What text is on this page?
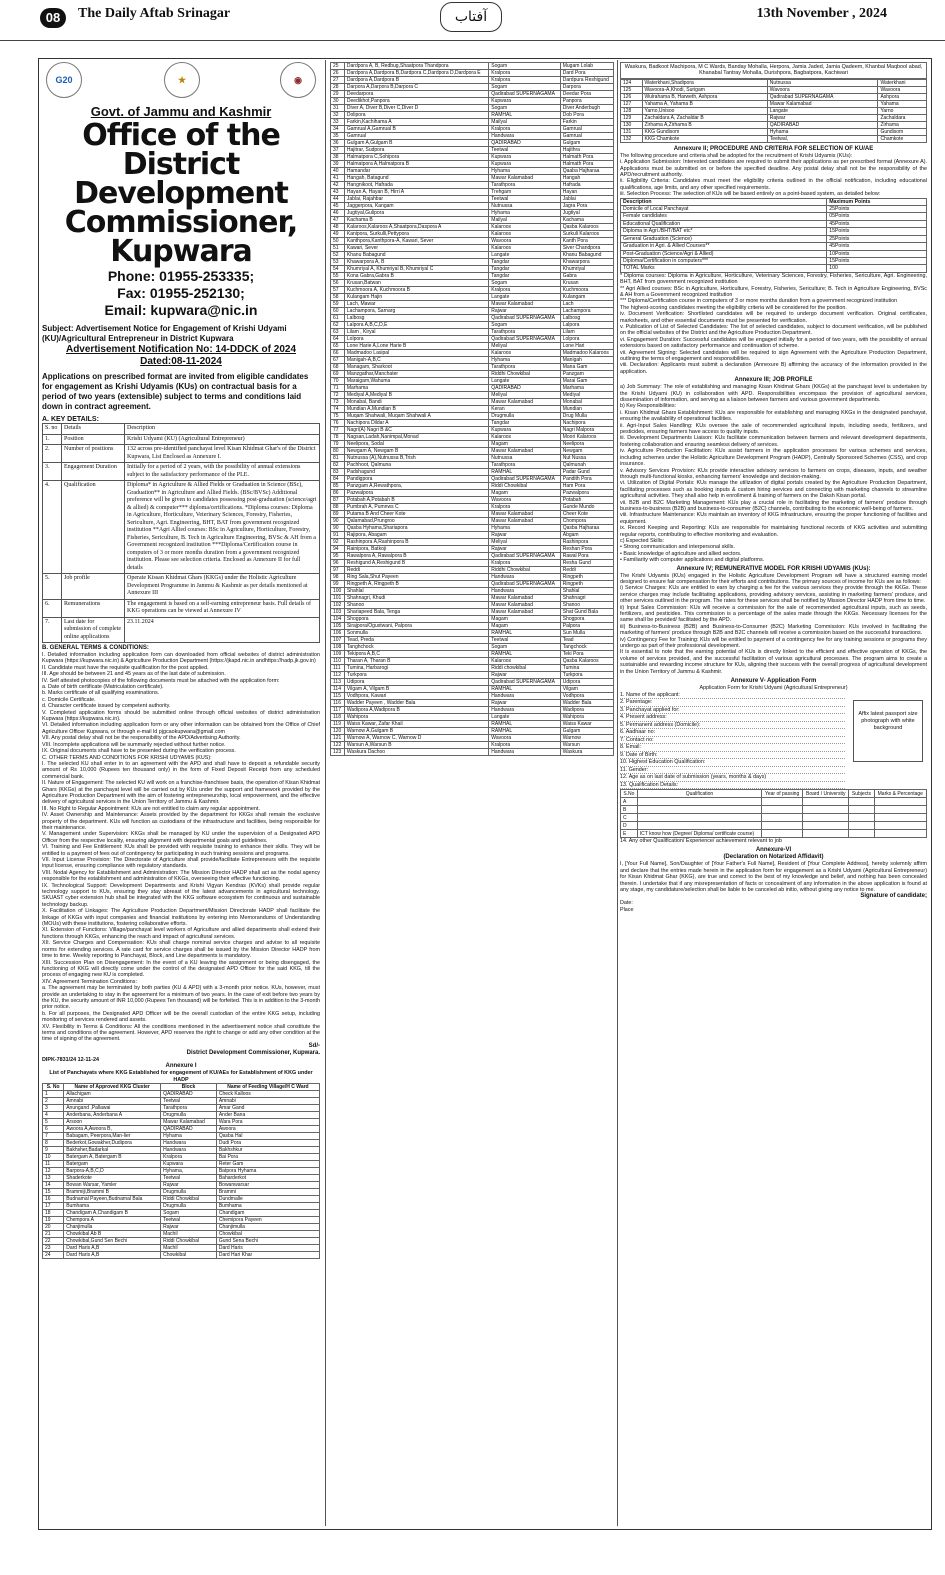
08	The Daily Aftab Srinagar	آفتاب	13th November , 2024
G20	★	◉
Govt. of Jammu and Kashmir
Office of the District Development Commissioner, Kupwara
Phone: 01955-253335;
Fax: 01955-252130;
Email: kupwara@nic.in
Subject: Advertisement Notice for Engagement of Krishi Udyami (KU)/Agricultural Entrepreneur in District Kupwara
Advertisement Notification No: 14-DDCK of 2024
Dated:08-11-2024
Applications on prescribed format are invited from eligible candidates for engagement as Krishi Udyamis (KUs) on contractual basis for a period of two years (extensible) subject to terms and conditions laid down in contract agreement.
A. KEY DETAILS:
S. no	Details	Description
1.	Position	Krishi Udyami (KU) (Agricultural Entrepreneur)
2.	Number of positions	132 across pre-identified panchayat level Kisan Khidmat Ghar's of the District Kupwara, List Enclosed as Annexure I.
3.	Engagement Duration	Initially for a period of 2 years, with the possibility of annual extensions subject to the satisfactory performance of the PLE.
4.	Qualification	Diploma* in Agriculture & Allied Fields or Graduation in Science (BSc), Graduation** in Agriculture and Allied Fields. (BSc/BVSc) Additional preference will be given to candidates possessing post-graduation (science/agri & allied) & computer*** diploma/certifications. *Diploma courses: Diploma in Agriculture, Horticulture, Veterinary Sciences, Forestry, Fisheries, Sericulture, Agri. Engineering, BHT, BAT from government recognized institution **Agri Allied courses: BSc in Agriculture, Horticulture, Forestry, Fisheries, Sericulture, B. Tech in Agriculture Engineering, BVSc & AH from a Government recognized institution ***Diploma/Certification course in computers of 3 or more months duration from a government recognized institution. Please see selection criteria. Enclosed as Annexure II for full details
5.	Job profile	Operate Kissan Khidmat Ghars (KKGs) under the Holistic Agriculture Development Programme in Jammu & Kashmir as per details mentioned at Annexure III
6.	Remunerations	The engagement is based on a self-earning entrepreneur basis. Full details of KKG operations can be viewed at Annexure IV
7.	Last date for submission of complete online applications	23.11.2024
B. GENERAL TERMS & CONDITIONS:
I. Detailed information including application form can downloaded from official websites of district administration Kupwara (https://kupwara.nic.in) & Agriculture Production Department (https://jkapd.nic.in andhttps://hadp.jk.gov.in)
II. Candidate must have the requisite qualification for the post applied.
III. Age should be between 21 and 45 years as of the last date of submission.
IV. Self attested photocopies of the following documents must be attached with the application form:
a. Date of birth certificate (Matriculation certificate).
b. Marks certificate of all qualifying examinations.
c. Domicile Certificate.
d. Character certificate issued by competent authority.
V. Completed application forms should be submitted online through official websites of district administration Kupwara (https://kupwara.nic.in).
VI. Detailed information including application form or any other information can be obtained from the Office of Chief Agriculture Officer Kupwara, or through e-mail ld pjgcaokupwara@gmail.com
VII. Any postal delay shall not be the responsibility of the APD/Advertising Authority.
VIII. Incomplete applications will be summarily rejected without further notice.
IX. Original documents shall have to be presented during the verification process.
C. OTHER TERMS AND CONDITIONS FOR KRISHI UDYAMIS (KUS):
I. The selected KU shall enter in to an agreement with the APD and shall have to deposit a refundable security amount of Rs 10,000 (Rupees ten thousand only) in the form of Fixed Deposit Receipt from any scheduled commercial bank.
II. Nature of Engagement: The selected KU will work on a franchise-franchisee basis, the operation of Kisan Khidmat Ghars (KKGs) at the panchayat level will be carried out by KUs under the support and framework provided by the Agriculture Production Department with the aim of fostering entrepreneurship, local empowerment, and the effective delivery of agricultural services in the Union Territory of Jammu & Kashmir.
III. No Right to Regular Appointment: KUs are not entitled to claim any regular appointment.
IV. Asset Ownership and Maintenance: Assets provided by the department for KKGs shall remain the exclusive property of the department. KUs will function as custodians of the infrastructure and facilities, being responsible for their maintenance.
V. Management under Supervision: KKGs shall be managed by KU under the supervision of a Designated APD Officer from the respective locality, ensuring alignment with departmental goals and guidelines.
VI. Training and Fee Entitlement: KUs shall be provided with requisite training to enhance their skills. They will be entitled to a payment of fees out of contingency for participating in such training sessions and programs.
VII. Input License Provision: The Directorate of Agriculture shall provide/facilitate Entrepreneurs with the requisite input license, ensuring compliance with regulatory standards.
VIII. Nodal Agency for Establishment and Administration: The Mission Director HADP shall act as the nodal agency responsible for the establishment and administration of KKGs, overseeing their effective functioning.
IX. Technological Support: Development Departments and Krishi Vigyan Kendras (KVKs) shall provide regular technology support to KUs, ensuring they stay abreast of the latest advancements in agricultural technology. SKUAST cyber extension hub shall be integrated with the KKG software ecosystem for continuous and sustainable technology backup.
X. Facilitation of Linkages: The Agriculture Production Department/Mission Directorate HADP shall facilitate the linkage of KKGs with input companies and financial institutions by entering into Memorandums of Understanding (MOUs) with these institutions, fostering collaborative efforts.
XI. Extension of Functions: Village/panchayat level workers of Agriculture and allied departments shall extend their functions through KKGs, enhancing the reach and impact of agricultural services.
XII. Service Charges and Compensation: KUs shall charge nominal service charges and advise to all requisite norms for extending services. A rate card for service charges shall be issued by the Mission Director HADP from time to time. Weekly reporting to Panchayat, Block, and Line departments is mandatory.
XIII. Succession Plan on Disengagement: In the event of a KU leaving the assignment or being disengaged, the functioning of KKG will directly come under the control of the designated APD Officer for the said KKG, till the process of engaging new KU is completed.
XIV. Agreement Termination Conditions:
a. The agreement may be terminated by both parties (KU & APD) with a 3-month prior notice. KUs, however, must provide an undertaking to stay in the agreement for a minimum of two years. In the case of exit before two years by the KU, the security amount of INR 10,000 (Rupees Ten thousand) will be forfeited. This is in addition to the 3-month prior notice.
b. For all purposes, the Designated APD Officer will be the overall custodian of the entire KKG setup, including monitoring of services rendered and assets.
XV. Flexibility in Terms & Conditions: All the conditions mentioned in the advertisement notice shall constitute the terms and conditions of the agreement. However, APD reserves the right to change or add any other condition at the time of signing of the agreement.
Sd/-
District Development Commissioner, Kupwara.
DIPK-7831/24 12-11-24
Annexure I
List of Panchayats where KKG Established for engagement of KU/AEs for Establishment of KKG under HADP
S. No	Name of Approved KKG Cluster	Block	Name of Feeding Village/H C Ward
1	Allachigam	QADIRABAD	Check Kalloos
2	Amnabi	Teetwal	Amnabi
3	Anungand ,Pallawai	Tarathpora	Amar Gand
4	Anderbana, Anderbana A	Drugmulla	Ander Bana
5	Arsoon	Mawar Kalamabad	Wara Pora
6	Awoora A,Awoora B,	QADIRABAD	Awoora
7	Babagam, Peerpora,Man-lier	Hyhama	Qasba Hal
8	Bederkot,Gowakher,Dudipora	Handwara	Dudi Pora
9	Bakhsher,Badarkal	Handwara	Bakhshkur
10	Batergam A, Batergam B	Kralpora	Bai Pora
11	Batergam	Kupwara	Reter Gam
12	Barpora-A,B,C,D	Hyhama,	Batpora Hyhama
13	Shaderkote	Teetwal	Baharderkot
14	Bowan Warsar, Yamler	Rajwar	Bowanwarsar
15	Brammiji,Brammi B	Drugmulla	Brammi
16	Budnamal Payeen,Budnamal Bala	Riddi Chowkibal	Dundmalle
17	Bumhama	Drugmulla	Bumhama
18	Chandigam A,Chandigam B	Sogam	Chandigam
19	Chempora A	Teetwal	Chemipora Payeen
20	Chanjimulla	Rajwar	Chanjimulla
21	Chowkibal Ab B	Machil	Chowkibal
22	Chowkibal,Gund Sen Bechi	Riddi Chowkibal	Gund Sena Bechi
23	Dard Haris A,B	Machil	Dard Haris
24	Dard Haris A,B	Chowkibal	Dard Hari Khar
25	Dardpora A, B, Redbug,Shaatpora Thandpora	Sogam	Mugam Lolab
26	Dardpora A,Dardpora B,Dardpora C,Dardpora D,Dardpora E	Kralpora	Dard Pora
27	Dardpora A,Dardpora B	Kralpora	Dardpura Reshigund
28	Darpora A,Darpora B,Darpora C	Sogam	Darpora
29	Deedarpora	Qadirabad SUPERNAGAMA	Deedar Pora
30	Deedikhot,Panpora	Kupwara	Panpora
31	Diver A, Diver B,Diver C,Diver D	Sogam	Diver Anderbugh
32	Dolipora	RAMHAL	Dob Pora
33	Farkin,Kachihama A	Mailyal	Farkin
34	Gamrual A,Gamrual B	Kralpora	Gamrual
35	Gamrual	Handwara	Gamrual
36	Gulgam A,Gulgam B	QADIRABAD	Gulgam
37	Hajitrar, Sudpora	Teetwal	Hajithra
38	Halmatpora C,Sohipora	Kupwara	Halmath Pora
39	Halmatpora A,Halmatpora B	Kupwara	Halmath Pora
40	Hamandar	Hyhama	Qaaba Hajharaa
41	Hangah, Batagund	Mawar Kalamabad	Hangah
42	Hangnikoot, Hafrada	Tarathpora	Hafrada
43	Hayan A, Hayan B, Hirri A	Trehgam	Hayan
44	Jablai, Rajahbar	Teetwal	Jablai
45	Jaggerpora, Kangam	Nutnussa	Jagra Pora
46	Jugtiyal,Gulipora	Hyhama	Jugtiyal
47	Kachama B	Mailyal	Kachama
48	Kalaroos,Kalaroos A,Shaatpora,Daspora A	Kalaroos	Qasba Kalaroos
49	Kanipora, Surkulli,Pettypora	Kalaroos	Surkuli Kalaroos
50	Kanthpora,Kanthpora-A, Kawari, Sever	Wavoora	Kanth Pora
51	Kawari, Sever	Kalaroos	Siver Chandpora
52	Khanu Babagund	Langate	Khanu Babagund
53	Khawarpora A, B	Tangdar	Khawarpora
54	Khumriyal A, Khumriyal B, Khumriyal C	Tangdar	Khumriyal
55	Kona Gabra,Gabra B	Tangdar	Gabra
56	Krusan,Batwan	Sogam	Krusan
57	Kuchmoora A, Kuchmoora B	Kralpora	Kuchmoora
58	Kulangam Hajin	Langate	Kulangam
59	Lach, Mawar	Mawar Kalamabad	Lach
60	Lachampora, Sarnarg	Rajwar	Lachampora
61	Lalbosg	Qadirabad SUPERNAGAMA	Lalbosg
62	Lalpora A,B,C,D,E	Sogam	Lalpora
63	Lilam , Kiryal	Tarathpora	Lilam
64	Lolpora	Qadirabad SUPERNAGAMA	Lolpora
65	Lone Harie A,Lone Harie B	Meliyal	Lone Hari
66	Madmadoo Lasipal	Kalaroos	Madmadoo Kalaroos
67	Manigah-A,B,C	Hyhama	Manigah
68	Managam, Sharkoot	Tarathpora	Mana Gam
69	Manzgathar,Manchater	Riddhi Chowkibal	Panzgam
70	Maraigam,Wahuma	Langate	Marai Gam
71	Marhama	QADIRABAD	Marhama
72	Mediyal A,Mediyal B	Meliyal	Mediyal
73	Monabal, Bandi	Mawar Kalamabad	Monabal
74	Mundian A,Mundian B	Keran	Mundian
75	Muqam Shahwali, Muqam Shahwali A	Drugmulla	Drug Mulla
76	Nachipora Dildar A	Tangdar	Nachipora
77	Nagri(A) Nagri B &C	Kupwara	Nagri Malpora
78	Nagsan,Ladah,Nanimpal,Monad	Kalaroos	Moori Kalaroos
79	Neelipora, Sodal	Magam	Neelipora
80	Newgam A, Newgam B	Mawar Kalamabad	Newgam
81	Nutnussa (A),Nutnussa B,Trish	Nutnussa	Nut Nussa
82	Pachhoot, Qalmuna	Tarathpora	Qalmunah
83	Padshagund	RAMHAL	Padar Gund
84	Pandigpora	Qadirabad SUPERNAGAMA	Pandith Pora
85	Panzgam A,Rewathpora,	Riddi Chowkibal	Ham Pora
86	Pazwalpora	Magam	Pazwalpora
87	Potabah A,Potabah B	Wavoora	Potabah
88	Pumbrah A, Pumnws C	Kralpora	Gunde Mundo
89	Putama B And Cheer Kote	Mawar Kalamabad	Cheer Kote
90	Qalamabad,Prungroo	Mawar Kalamabad	Chompora
90	Qasba Hyhama,Shariapora	Hyhama	Qasba Hajharaa
91	Rajipora, Abagam	Rajwar	Abgam
92	Rashinpora A,Rashinpora B	Meliyal	Rashinpora
94	Rainipora, Batkoji	Rajwar	Reshan Pora
95	Rawalpora A, Rawalpora B	Qadirabad SUPERNAGAMA	Rawal Pora
96	Reshigund A,Reshigund B	Kralpora	Resha Gund
97	Reddi	Riddhi Chowkibal	Reddi
98	Ring Sala,Shut Payeen	Handwara	Ringpeth
99	Ringpeth A, Ringpeth B	Qadirabad SUPERNAGAMA	Ringpeth
100	Shahlal	Handwara	Shahlal
101	Shahnagri, Khudi	Mawar Kalamabad	Shahnagri
102	Shanoo	Mawar Kalamabad	Shanoo
103	Shariapeed Bala, Tenga	Mawar Kalamabad	Shat Gund Bala
104	Shogpora	Magam	Shogpora
105	Sirajpora/Ogustwani, Palpora	Magam	Palpora
106	Sonmulla	RAMHAL	Sun Mulla
107	Tead, Preda	Teetwal	Tead
108	Tanghchock	Sogam	Tangchock
109	Tekipora A,B,C	RAMHAL	Teki Pora
110	Tharan A, Tharan B	Kalaroos	Qasba Kalaroos
111	Tumina, Harbarogi	Riddi chowkibal	Tumina
112	Turkpora	Rajwar	Turkpora
113	Udipora	Qadirabad SUPERNAGAMA	Udipora
114	Vilgam A, Vilgam B	RAMHAL	Vilgam
115	Vodhpora, Kawari	Handwara	Vodhpora
116	Wadder Payeen , Wadder Bala	Rajwar	Wadder Bala
117	Wadipora A,Wadipora B	Handwara	Wadipora
118	Wahipora	Langate	Wahipora
119	Waiss Kawar, Zafar Khail	RAMHAL	Waiss Kawar
120	Warnow A,Gulgam B	RAMHAL	Gulgam
121	Warnow A, Warnow C, Warnow D	Wavoora	Warnow
122	Warsun A,Warsun B	Kralpora	Warsun
123	Waskura Dachoo	Handwara	Waskura
Waskura, Badkoot Machipora, M C Wards, Banday Mohalla, Herpora, Jamia Jaded, Jamia Qadeem, Khanbal Maqbool abad, Khanabal Tantray Mohalla, Durishpora, Bagbatpora, Kachiwari
124	Waterkhani,Shadipora	Nutnussa	Waterkhani
125	Wavoora-A,Khodi, Surigam	Wavoora	Wavoora
126	Wulrahama B, Harweth, Ashpora	Qadirabad SUPERNAGAMA	Ashpora
127	Yahama A, Yahama B	Mawar Kalamabad	Yahama
128	Yarno,Unisoo	Langate	Yarno
129	Zachaldara A, Zachaldar B	Rajwar	Zachaldara
130	Zirhama A,Zirhama B	QADIRABAD	Zirhama
131	KKG Gundisom	Hyhama	Gundisom
132	KKG Chamkote	Teetwal,	Chamkote
Annexure II; PROCEDURE AND CRITERIA FOR SELECTION OF KU/AE
The following procedure and criteria shall be adopted for the recruitment of Krishi Udyamis (KUs):
i. Application Submission: Interested candidates are required to submit their applications as per prescribed format (Annexure A). Applications must be submitted on or before the specified deadline. Any postal delay shall not be the responsibility of the APD/recruitment authority.
ii. Eligibility Criteria: Candidates must meet the eligibility criteria outlined in the official notification, including educational qualifications, age limits, and any other specified requirements.
iii. Selection Process: The selection of KUs will be based entirely on a point-based system, as detailed below:
Description	Maximum Points
Domicile of Local Panchayat	25Points
Female candidates	05Points
Educational Qualification	45Points
Diploma in Agri./BHT/BAT etc*	15Points
General Graduation (Science)	25Points
Graduation in Agri. & Allied Courses**	45Points
Post-Graduation (Science/Agri & Allied)	10Points
Diploma/Certification in computers***	15Points
TOTAL Marks	100
* Diploma courses: Diploma in Agriculture, Horticulture, Veterinary Sciences, Forestry, Fisheries, Sericulture, Agri. Engineering, BHT, BAT from government recognized institution
** Agri Allied courses: BSc in Agriculture, Horticulture, Forestry, Fisheries, Sericulture; B. Tech in Agriculture Engineering, BVSc & AH from a Government recognized institution
*** Diploma/Certification course in computers of 3 or more months duration from a government recognized institution
The highest-scoring candidates meeting the eligibility criteria will be considered for the position.
iv. Document Verification: Shortlisted candidates will be required to undergo document verification. Original certificates, marksheets, and other essential documents must be presented for verification.
v. Publication of List of Selected Candidates: The list of selected candidates, subject to document verification, will be published on the official websites of the District and the Agriculture Production Department.
vi. Engagement Duration: Successful candidates will be engaged initially for a period of two years, with the possibility of annual extensions based on satisfactory performance and continuation of scheme.
vii. Agreement Signing: Selected candidates will be required to sign Agreement with the Agriculture Production Department, outlining the terms of engagement and responsibilities.
viii. Declaration: Applicants must submit a declaration (Annexure B) affirming the accuracy of the information provided in the application.
Annexure III; JOB PROFILE
a) Job Summary: The role of establishing and managing Kisan Khidmat Ghars (KKGs) at the panchayat level is undertaken by the Krishi Udyami (KU) in collaboration with APD. Responsibilities encompass the provision of agricultural services, dissemination of information, and serving as a liaison between farmers and various government departments.
b) Key Responsibilities:
i. Kisan Khidmat Ghars Establishment: KUs are responsible for establishing and managing KKGs in the designated panchayat, ensuring the availability of operational facilities.
ii. Agri-Input Sales Handling: KUs oversee the sale of recommended agricultural inputs, including seeds, fertilizers, and pesticides, ensuring farmers have access to quality inputs.
iii. Development Departments Liaison: KUs facilitate communication between farmers and relevant development departments, fostering collaboration and ensuring seamless delivery of services.
iv. Agriculture Production Facilitation: KUs assist farmers in the application processes for various schemes and services, including schemes under the Holistic Agriculture Development Program (HADP), Centrally Sponsored Schemes (CSS), and crop insurance.
v. Advisory Services Provision: KUs provide interactive advisory services to farmers on crops, diseases, inputs, and weather through multi-functional kiosks, enhancing farmers' knowledge and decision-making.
vi. Utilization of Digital Portals: KUs manage the utilization of digital portals created by the Agriculture Production Department, facilitating processes such as booking inputs & custom hiring services and connecting with marketing channels to streamline agricultural activities. They shall also help in enrollment & training of farmers on the Daksh Kisan portal.
vii. B2B and B2C Marketing Management: KUs play a crucial role in facilitating the marketing of farmers' produce through business-to-business (B2B) and business-to-consumer (B2C) channels, contributing to the economic well-being of farmers.
viii. Infrastructure Maintenance: KUs maintain an inventory of KKG infrastructure, ensuring the proper functioning of facilities and equipment.
ix. Record Keeping and Reporting: KUs are responsible for maintaining functional records of KKG activities and submitting regular reports, contributing to effective monitoring and evaluation.
c) Expected Skills:
• Strong communication and interpersonal skills.
• Basic knowledge of agriculture and allied sectors.
• Familiarity with computer applications and digital platforms.
Annexure IV; REMUNERATIVE MODEL FOR KRISHI UDYAMIS (KUs):
The Krishi Udyamis (KUs) engaged in the Holistic Agriculture Development Program will have a structured earning model designed to ensure fair compensation for their efforts and contributions. The primary sources of income for KUs are as follows:
i) Service Charges: KUs are entitled to earn by charging a fee for the various services they provide through the KKGs. These service charges may include facilitating applications, providing advisory services, assisting in marketing farmers' produce, and other services outlined in the program. The rates for these services shall be notified by Mission Director HADP from time to time.
ii) Input Sales Commission: KUs will receive a commission for the sale of recommended agricultural inputs, such as seeds, fertilizers, and pesticides. This commission is a percentage of the sales made through the KKGs. Necessary licenses for the same shall be provided/ facilitated by the APD.
iii) Business-to-Business (B2B) and Business-to-Consumer (B2C) Marketing Commission: KUs involved in facilitating the marketing of farmers' produce through B2B and B2C channels will receive a commission based on the successful transactions.
iv) Contingency Fee for Training: KUs will be entitled to payment of a contingency fee for any training sessions or programs they undergo as part of their professional development.
It is essential to note that the earning potential of KUs is directly linked to the efficient and effective operation of KKGs, the volume of services provided, and the successful facilitation of various agricultural processes. The program aims to create a sustainable and rewarding income structure for KUs, aligning their success with the overall progress of agricultural development in the Union Territory of Jammu & Kashmir.
Annexure V- Application Form
Application Form for Krishi Udyami (Agricultural Entrepreneur)
Affix latest passport size photograph with white background
1. Name of the applicant:
2. Parentage:
3. Panchayat applied for:
4. Present address:
5. Permanent address (Domicile):
6. Aadhaar no:
7. Contact no:
8. Email:
9. Date of Birth:
10. Highest Education Qualification:
11. Gender:
12. Age as on last date of submission (years, months & days)
13. Qualification Details:
S.No	Qualification	Year of passing	Board / University	Subjects	Marks & Percentage
A					
B					
C					
D					
E	ICT know how (Degree/ Diploma/ certificate course)				
14. Any other Qualification/ Experience/ achievement relevant to job
Annexure-VI
(Declaration on Notarized Affidavit)
I, [Your Full Name], Son/Daughter of [Your Father's Full Name], Resident of [Your Complete Address], hereby solemnly affirm and declare that the entries made herein in the application form for engagement as a Krishi Udyami (Agricultural Entrepreneur) for Kisan Khidmat Ghar (KKG), are true and correct to the best of my knowledge and belief, and nothing has been concealed therein. I undertake that if any misrepresentation of facts or concealment of any information in the above application is found at any stage, my candidature/selection shall be liable to be canceled ab initio, without giving any notice to me.
Signature of candidate;
Date:
Place
